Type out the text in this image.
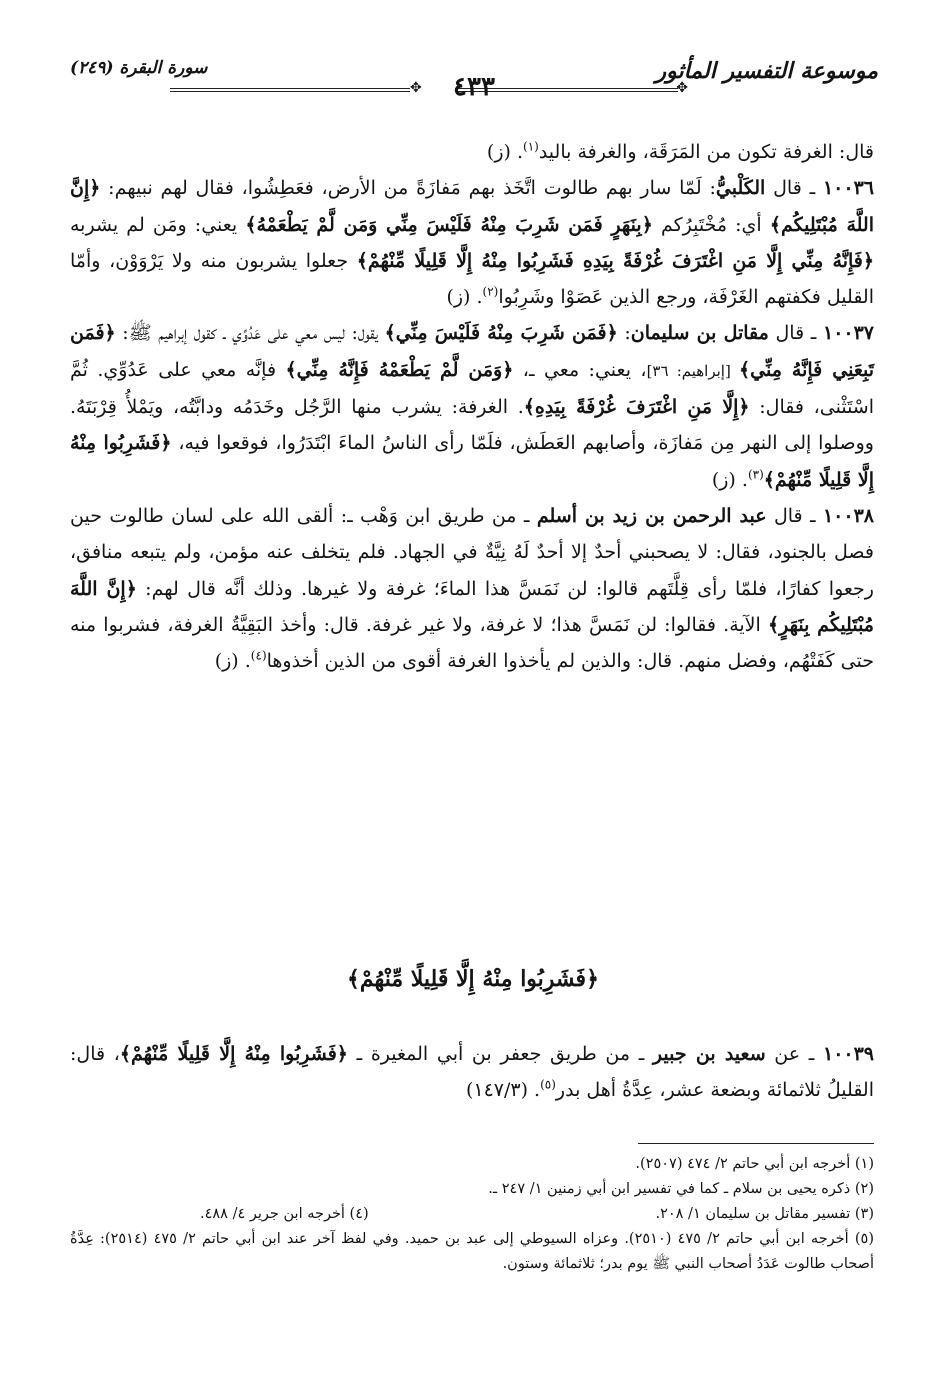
موسوعة التفسير المأثور
✥
٤٣٣
✥
سورة البقرة (٢٤٩)

قال: الغرفة تكون من المَرَقَة، والغرفة باليد$^{(١)}$. (ز)

١٠٠٣٦ ـ قال الكَلْبيُّ: لَمّا سار بهم طالوت اتَّخَذ بهم مَفازَةً من الأرض، فعَطِشُوا، فقال لهم نبيهم: ﴿إِنَّ اللَّهَ مُبْتَلِيكُم﴾ أي: مُخْتَبِرُكم ﴿بِنَهَرٍ فَمَن شَرِبَ مِنْهُ فَلَيْسَ مِنِّي وَمَن لَّمْ يَطْعَمْهُ﴾ يعني: ومَن لم يشربه ﴿فَإِنَّهُ مِنِّي إِلَّا مَنِ اغْتَرَفَ غُرْفَةً بِيَدِهِ فَشَرِبُوا مِنْهُ إِلَّا قَلِيلًا مِّنْهُمْ﴾ جعلوا يشربون منه ولا يَرْوَوْن، وأمّا القليل فكفتهم الغَرْفَة، ورجع الذين عَصَوْا وشَرِبُوا$^{(٢)}$. (ز)

١٠٠٣٧ ـ قال مقاتل بن سليمان: ﴿فَمَن شَرِبَ مِنْهُ فَلَيْسَ مِنِّي﴾ يقول: ليس معي على عَدُوِّي ـ كقول إبراهيم ﷺ: ﴿فَمَن تَبِعَنِي فَإِنَّهُ مِنِّي﴾ [إبراهيم: ٣٦]، يعني: معي ـ، ﴿وَمَن لَّمْ يَطْعَمْهُ فَإِنَّهُ مِنِّي﴾ فإنَّه معي على عَدُوِّي. ثُمَّ اسْتَثْنى، فقال: ﴿إِلَّا مَنِ اغْتَرَفَ غُرْفَةً بِيَدِهِ﴾. الغرفة: يشرب منها الرَّجُل وخَدَمُه ودابَّتُه، ويَمْلأُ قِرْبَتَهُ. ووصلوا إلى النهر مِن مَفازَة، وأصابهم العَطَش، فلَمّا رأى الناسُ الماءَ ابْتَدَرُوا، فوقعوا فيه، ﴿فَشَرِبُوا مِنْهُ إِلَّا قَلِيلًا مِّنْهُمْ﴾$^{(٣)}$. (ز)

١٠٠٣٨ ـ قال عبد الرحمن بن زيد بن أسلم ـ من طريق ابن وَهْب ـ: ألقى الله على لسان طالوت حين فصل بالجنود، فقال: لا يصحبني أحدٌ إلا أحدٌ لَهُ نِيَّةٌ في الجهاد. فلم يتخلف عنه مؤمن، ولم يتبعه منافق، رجعوا كفارًا، فلمّا رأى قِلَّتَهم قالوا: لن نَمَسَّ هذا الماءَ؛ غرفة ولا غيرها. وذلك أنَّه قال لهم: ﴿إِنَّ اللَّهَ مُبْتَلِيكُم بِنَهَرٍ﴾ الآية. فقالوا: لن نَمَسَّ هذا؛ لا غرفة، ولا غير غرفة. قال: وأخذ البَقِيَّةُ الغرفة، فشربوا منه حتى كَفَتْهُم، وفضل منهم. قال: والذين لم يأخذوا الغرفة أقوى من الذين أخذوها$^{(٤)}$. (ز)

﴿فَشَرِبُوا مِنْهُ إِلَّا قَلِيلًا مِّنْهُمْ﴾

١٠٠٣٩ ـ عن سعيد بن جبير ـ من طريق جعفر بن أبي المغيرة ـ ﴿فَشَرِبُوا مِنْهُ إِلَّا قَلِيلًا مِّنْهُمْ﴾، قال: القليلُ ثلاثمائة وبضعة عشر، عِدَّةُ أهل بدر$^{(٥)}$. (١٤٧/٣)

(١) أخرجه ابن أبي حاتم ٢/ ٤٧٤ (٢٥٠٧).

(٢) ذكره يحيى بن سلام ـ كما في تفسير ابن أبي زمنين ١/ ٢٤٧ ـ.

(٣) تفسير مقاتل بن سليمان ١/ ٢٠٨.

(٤) أخرجه ابن جرير ٤/ ٤٨٨.

(٥) أخرجه ابن أبي حاتم ٢/ ٤٧٥ (٢٥١٠). وعزاه السيوطي إلى عبد بن حميد. وفي لفظ آخر عند ابن أبي حاتم ٢/ ٤٧٥ (٢٥١٤): عِدَّةُ أصحاب طالوت عَدَدُ أصحاب النبي ﷺ يوم بدر؛ ثلاثمائة وستون.
